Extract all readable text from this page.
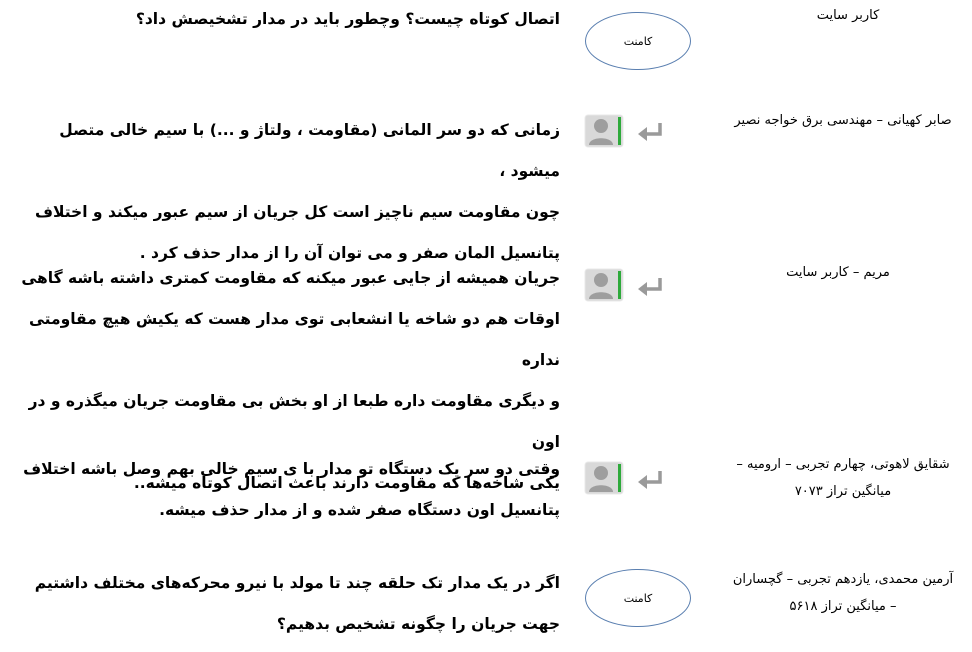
کاربر سایت
کامنت
اتصال کوتاه چیست؟ وچطور باید در مدار تشخیصش داد؟
صابر کهیانی – مهندسی برق خواجه نصیر
زمانی که دو سر المانی (مقاومت ، ولتاژ و ...) با سیم خالی متصل میشود ،
چون مقاومت سیم ناچیز است کل جریان از سیم عبور میکند و اختلاف
پتانسیل المان صفر و می توان آن را از مدار حذف کرد .
مریم – کاربر سایت
جریان همیشه از جایی عبور میکنه که مقاومت کمتری داشته باشه گاهی
اوقات هم دو شاخه یا انشعابی توی مدار هست که یکیش هیچ مقاومتی نداره
و دیگری مقاومت داره طبعا از او بخش بی مقاومت جریان میگذره و در اون
یکی شاخه‌ها که مقاومت دارند باعث اتصال کوتاه میشه..
شقایق لاهوتی، چهارم تجربی – ارومیه –
میانگین تراز ۷۰۷۳
وقتی دو سر یک دستگاه تو مدار با ی سیم خالی بهم وصل باشه اختلاف
پتانسیل اون دستگاه صفر شده و از مدار حذف میشه.
آرمین محمدی، یازدهم تجربی – گچساران
– میانگین تراز ۵۶۱۸
کامنت
اگر در یک مدار تک حلقه چند تا مولد با نیرو محرکه‌های مختلف داشتیم
جهت جریان را چگونه تشخیص بدهیم؟
